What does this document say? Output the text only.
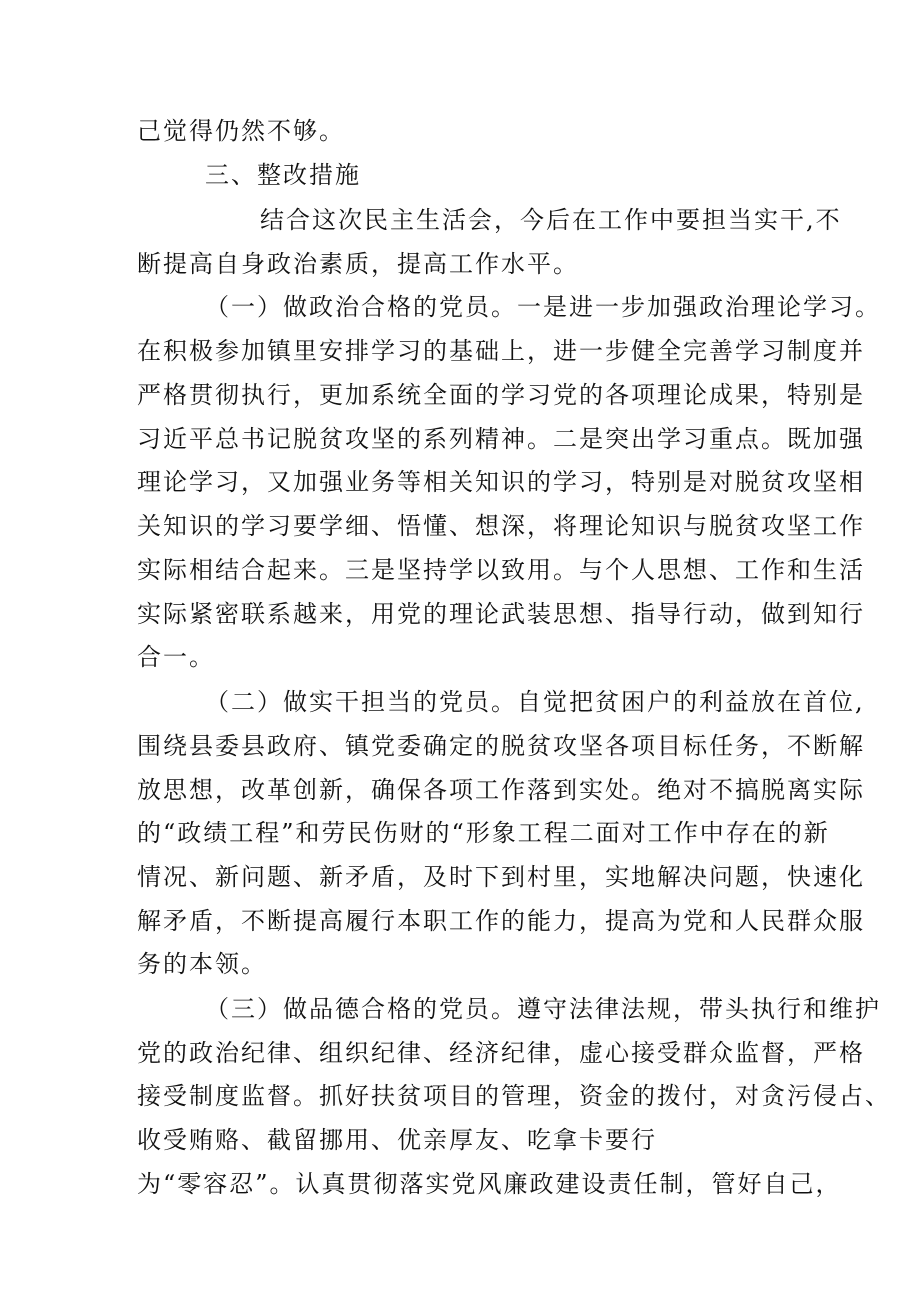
己觉得仍然不够。
三、整改措施
结合这次民主生活会，今后在工作中要担当实干,不
断提高自身政治素质，提高工作水平。
（一）做政治合格的党员。一是进一步加强政治理论学习。
在积极参加镇里安排学习的基础上，进一步健全完善学习制度并
严格贯彻执行，更加系统全面的学习党的各项理论成果，特别是
习近平总书记脱贫攻坚的系列精神。二是突出学习重点。既加强
理论学习，又加强业务等相关知识的学习，特别是对脱贫攻坚相
关知识的学习要学细、悟懂、想深，将理论知识与脱贫攻坚工作
实际相结合起来。三是坚持学以致用。与个人思想、工作和生活
实际紧密联系越来，用党的理论武装思想、指导行动，做到知行
合一。
（二）做实干担当的党员。自觉把贫困户的利益放在首位,
围绕县委县政府、镇党委确定的脱贫攻坚各项目标任务，不断解
放思想，改革创新，确保各项工作落到实处。绝对不搞脱离实际
的“政绩工程”和劳民伤财的“形象工程二面对工作中存在的新
情况、新问题、新矛盾，及时下到村里，实地解决问题，快速化
解矛盾，不断提高履行本职工作的能力，提高为党和人民群众服
务的本领。
（三）做品德合格的党员。遵守法律法规，带头执行和维护
党的政治纪律、组织纪律、经济纪律，虚心接受群众监督，严格
接受制度监督。抓好扶贫项目的管理，资金的拨付，对贪污侵占、
收受贿赂、截留挪用、优亲厚友、吃拿卡要行
为“零容忍”。认真贯彻落实党风廉政建设责任制，管好自己，
